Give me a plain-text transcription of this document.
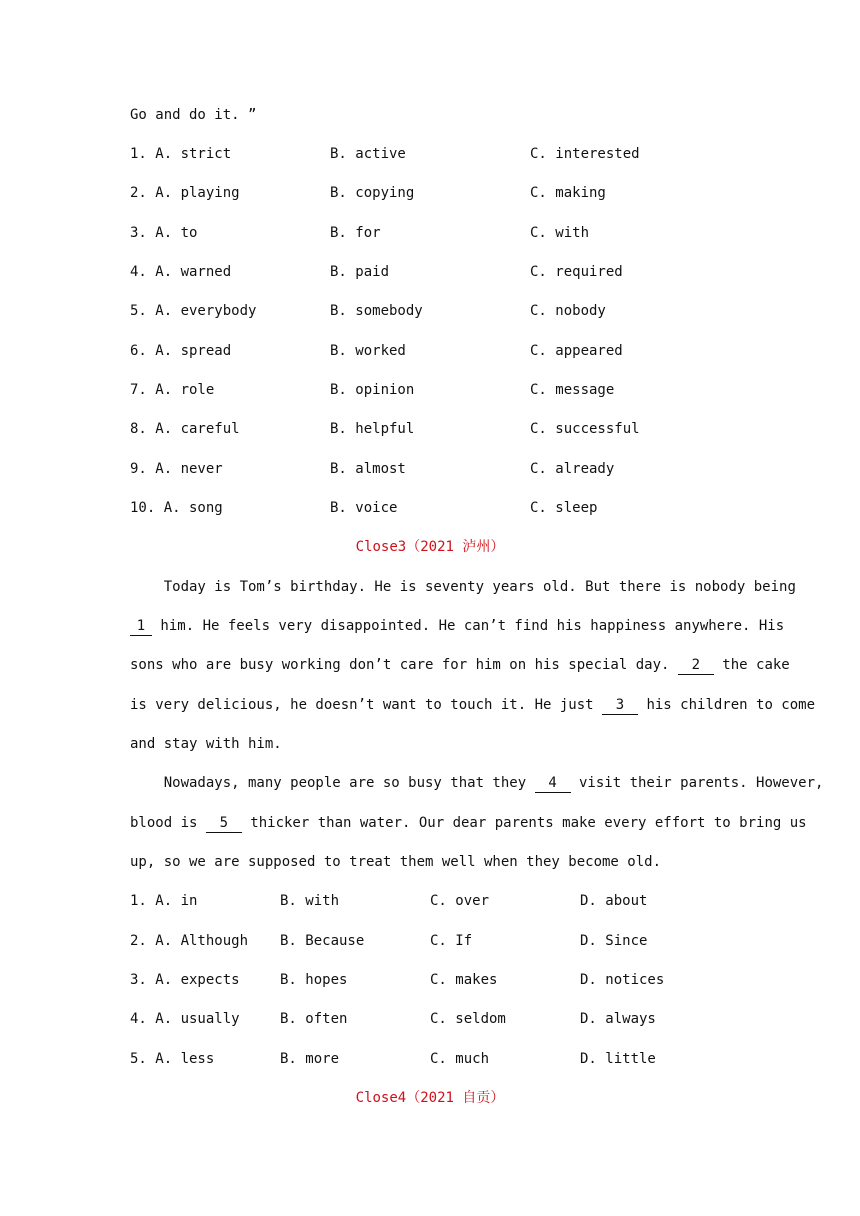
Go and do it. ”
1. A. strict	B. active	C. interested
2. A. playing	B. copying	C. making
3. A. to	B. for	C. with
4. A. warned	B. paid	C. required
5. A. everybody	B. somebody	C. nobody
6. A. spread	B. worked	C. appeared
7. A. role	B. opinion	C. message
8. A. careful	B. helpful	C. successful
9. A. never	B. almost	C. already
10. A. song	B. voice	C. sleep
Close3（2021 泸州）
Today is Tom’s birthday. He is seventy years old. But there is nobody being
1 him. He feels very disappointed. He can’t find his happiness anywhere. His
sons who are busy working don’t care for him on his special day. 2 the cake
is very delicious, he doesn’t want to touch it. He just 3 his children to come
and stay with him.
Nowadays, many people are so busy that they 4 visit their parents. However,
blood is 5 thicker than water. Our dear parents make every effort to bring us
up, so we are supposed to treat them well when they become old.
1. A. in	B. with	C. over	D. about
2. A. Although B. Because	C. If	D. Since
3. A. expects	B. hopes	C. makes	D. notices
4. A. usually	B. often	C. seldom	D. always
5. A. less	B. more	C. much	D. little
Close4（2021 自贡）
